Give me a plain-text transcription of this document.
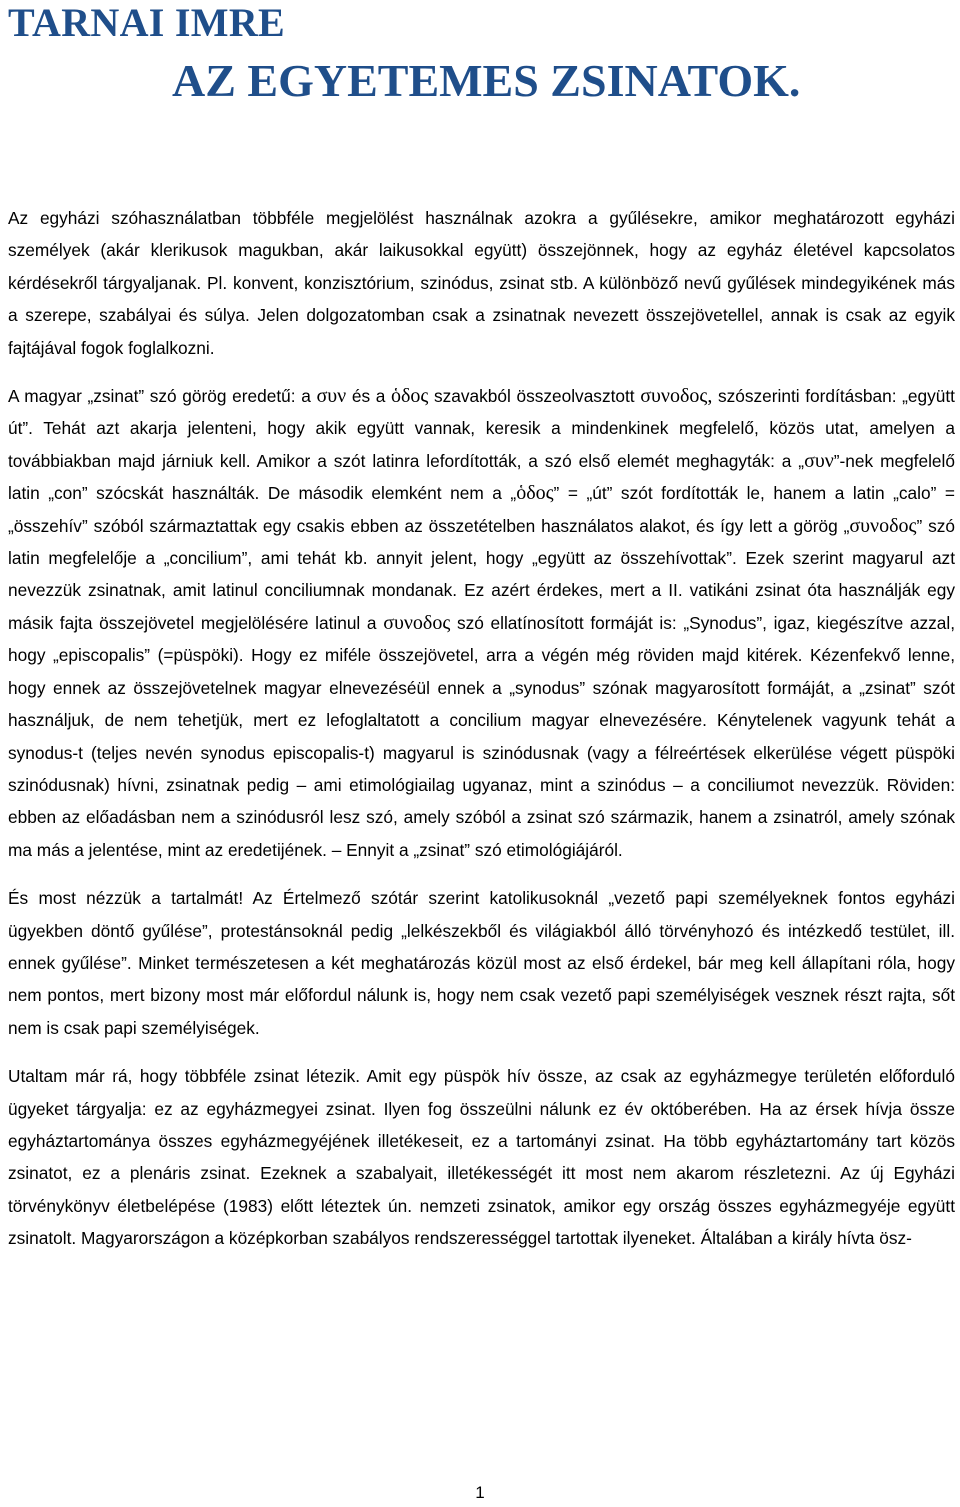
TARNAI IMRE
AZ EGYETEMES ZSINATOK.

Az egyházi szóhasználatban többféle megjelölést használnak azokra a gyűlésekre, amikor meghatározott egyházi személyek (akár klerikusok magukban, akár laikusokkal együtt) összejönnek, hogy az egyház életével kapcsolatos kérdésekről tárgyaljanak. Pl. konvent, konzisztórium, szinódus, zsinat stb. A különböző nevű gyűlések mindegyikének más a szerepe, szabályai és súlya. Jelen dolgozatomban csak a zsinatnak nevezett összejövetellel, annak is csak az egyik fajtájával fogok foglalkozni.

A magyar „zsinat” szó görög eredetű: a συν és a ὁδος szavakból összeolvasztott συνοδος, szószerinti fordításban: „együtt út”. Tehát azt akarja jelenteni, hogy akik együtt vannak, keresik a mindenkinek megfelelő, közös utat, amelyen a továbbiakban majd járniuk kell. Amikor a szót latinra lefordították, a szó első elemét meghagyták: a „συν”-nek megfelelő latin „con” szócskát használták. De második elemként nem a „ὁδος” = „út” szót fordították le, hanem a latin „calo” = „összehív” szóból származtattak egy csakis ebben az összetételben használatos alakot, és így lett a görög „συνοδος” szó latin megfelelője a „concilium”, ami tehát kb. annyit jelent, hogy „együtt az összehívottak”. Ezek szerint magyarul azt nevezzük zsinatnak, amit latinul conciliumnak mondanak. Ez azért érdekes, mert a II. vatikáni zsinat óta használják egy másik fajta összejövetel megjelölésére latinul a συνοδος szó ellatínosított formáját is: „Synodus”, igaz, kiegészítve azzal, hogy „episcopalis” (=püspöki). Hogy ez miféle összejövetel, arra a végén még röviden majd kitérek. Kézenfekvő lenne, hogy ennek az összejövetelnek magyar elnevezéséül ennek a „synodus” szónak magyarosított formáját, a „zsinat” szót használjuk, de nem tehetjük, mert ez lefoglaltatott a concilium magyar elnevezésére. Kénytelenek vagyunk tehát a synodus-t (teljes nevén synodus episcopalis-t) magyarul is szinódusnak (vagy a félreértések elkerülése végett püspöki szinódusnak) hívni, zsinatnak pedig – ami etimológiailag ugyanaz, mint a szinódus – a conciliumot nevezzük. Röviden: ebben az előadásban nem a szinódusról lesz szó, amely szóból a zsinat szó származik, hanem a zsinatról, amely szónak ma más a jelentése, mint az eredetijének. – Ennyit a „zsinat” szó etimológiájáról.

És most nézzük a tartalmát! Az Értelmező szótár szerint katolikusoknál „vezető papi személyeknek fontos egyházi ügyekben döntő gyűlése”, protestánsoknál pedig „lelkészekből és világiakból álló törvényhozó és intézkedő testület, ill. ennek gyűlése”. Minket természetesen a két meghatározás közül most az első érdekel, bár meg kell állapítani róla, hogy nem pontos, mert bizony most már előfordul nálunk is, hogy nem csak vezető papi személyiségek vesznek részt rajta, sőt nem is csak papi személyiségek.

Utaltam már rá, hogy többféle zsinat létezik. Amit egy püspök hív össze, az csak az egyházmegye területén előforduló ügyeket tárgyalja: ez az egyházmegyei zsinat. Ilyen fog összeülni nálunk ez év októberében. Ha az érsek hívja össze egyháztartománya összes egyházmegyéjének illetékeseit, ez a tartományi zsinat. Ha több egyháztartomány tart közös zsinatot, ez a plenáris zsinat. Ezeknek a szabalyait, illetékességét itt most nem akarom részletezni. Az új Egyházi törvénykönyv életbelépése (1983) előtt léteztek ún. nemzeti zsinatok, amikor egy ország összes egyházmegyéje együtt zsinatolt. Magyarországon a középkorban szabályos rendszerességgel tartottak ilyeneket. Általában a király hívta ösz-

1
